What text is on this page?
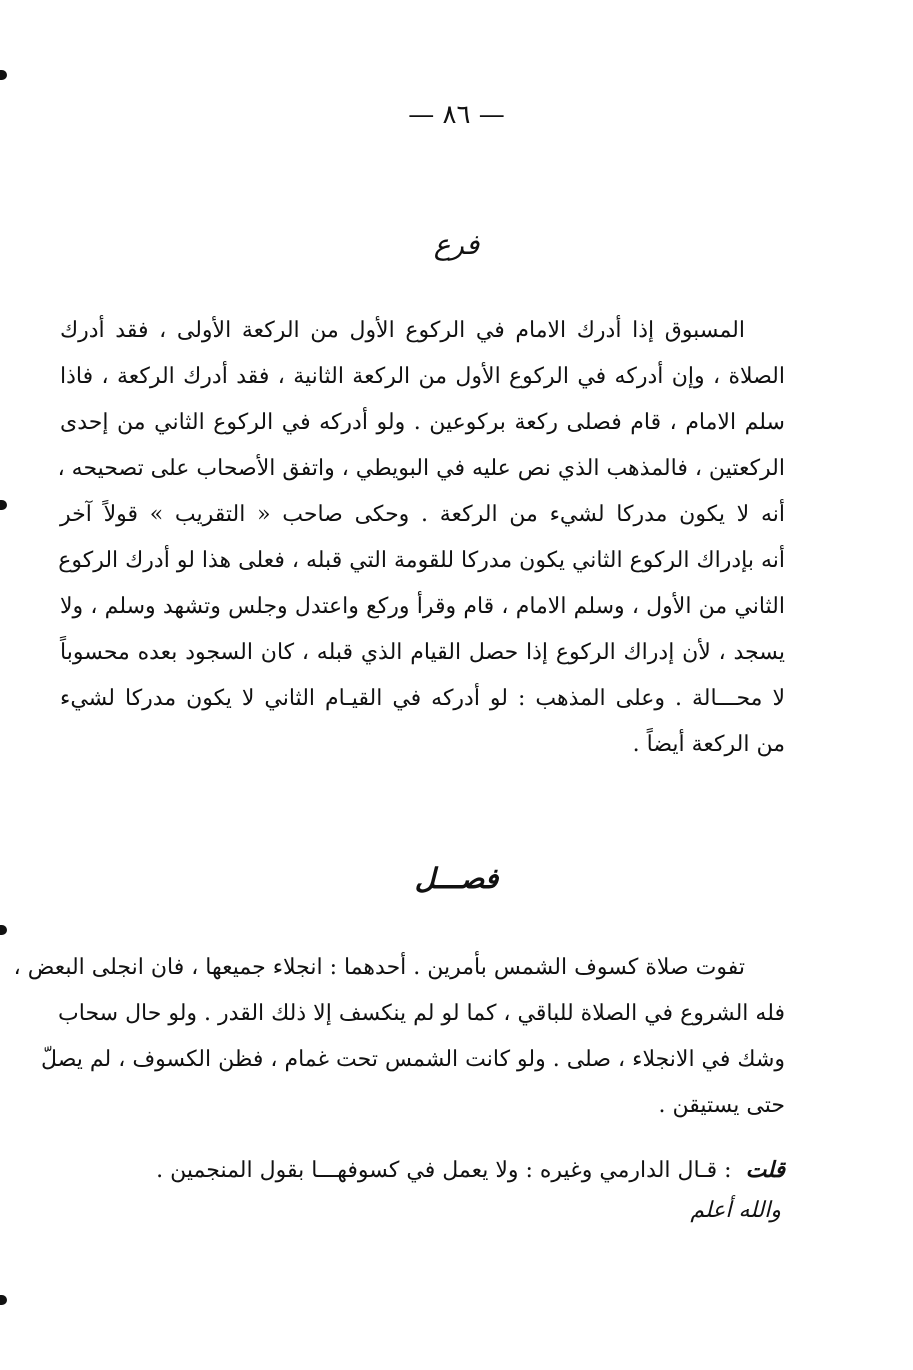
— ٨٦ —
فرع
المسبوق إذا أدرك الامام في الركوع الأول من الركعة الأولى ، فقد أدرك
الصلاة ، وإن أدركه في الركوع الأول من الركعة الثانية ، فقد أدرك الركعة ، فاذا
سلم الامام ، قام فصلى ركعة بركوعين . ولو أدركه في الركوع الثاني من إحدى
الركعتين ، فالمذهب الذي نص عليه في البويطي ، واتفق الأصحاب على تصحيحه ،
أنه لا يكون مدركا لشيء من الركعة . وحكى صاحب « التقريب » قولاً آخر
أنه بإدراك الركوع الثاني يكون مدركا للقومة التي قبله ، فعلى هذا لو أدرك الركوع
الثاني من الأول ، وسلم الامام ، قام وقرأ وركع واعتدل وجلس وتشهد وسلم ، ولا
يسجد ، لأن إدراك الركوع إذا حصل القيام الذي قبله ، كان السجود بعده محسوباً
لا محـــالة . وعلى المذهب : لو أدركه في القيـام الثاني لا يكون مدركا لشيء
من الركعة أيضاً .
فصـــل
تفوت صلاة كسوف الشمس بأمرين . أحدهما : انجلاء جميعها ، فان انجلى البعض ،
فله الشروع في الصلاة للباقي ، كما لو لم ينكسف إلا ذلك القدر . ولو حال سحاب
وشك في الانجلاء ، صلى . ولو كانت الشمس تحت غمام ، فظن الكسوف ، لم يصلّ
حتى يستيقن .
قلت: قـال الدارمي وغيره : ولا يعمل في كسوفهـــا بقول المنجمين .
والله أعلم
